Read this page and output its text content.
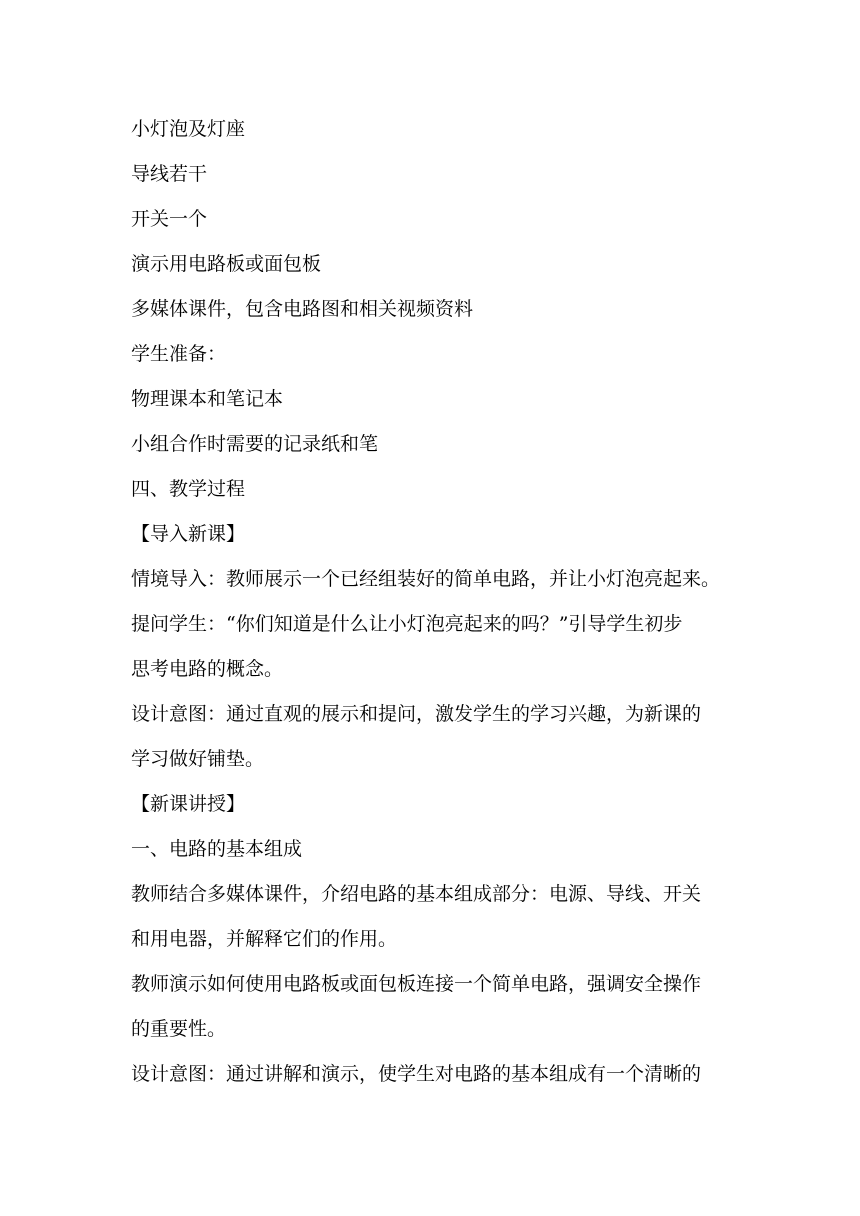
小灯泡及灯座
导线若干
开关一个
演示用电路板或面包板
多媒体课件，包含电路图和相关视频资料
学生准备：
物理课本和笔记本
小组合作时需要的记录纸和笔
四、教学过程
【导入新课】
情境导入：教师展示一个已经组装好的简单电路，并让小灯泡亮起来。
提问学生：“你们知道是什么让小灯泡亮起来的吗？”引导学生初步
思考电路的概念。
设计意图：通过直观的展示和提问，激发学生的学习兴趣，为新课的
学习做好铺垫。
【新课讲授】
一、电路的基本组成
教师结合多媒体课件，介绍电路的基本组成部分：电源、导线、开关
和用电器，并解释它们的作用。
教师演示如何使用电路板或面包板连接一个简单电路，强调安全操作
的重要性。
设计意图：通过讲解和演示，使学生对电路的基本组成有一个清晰的
